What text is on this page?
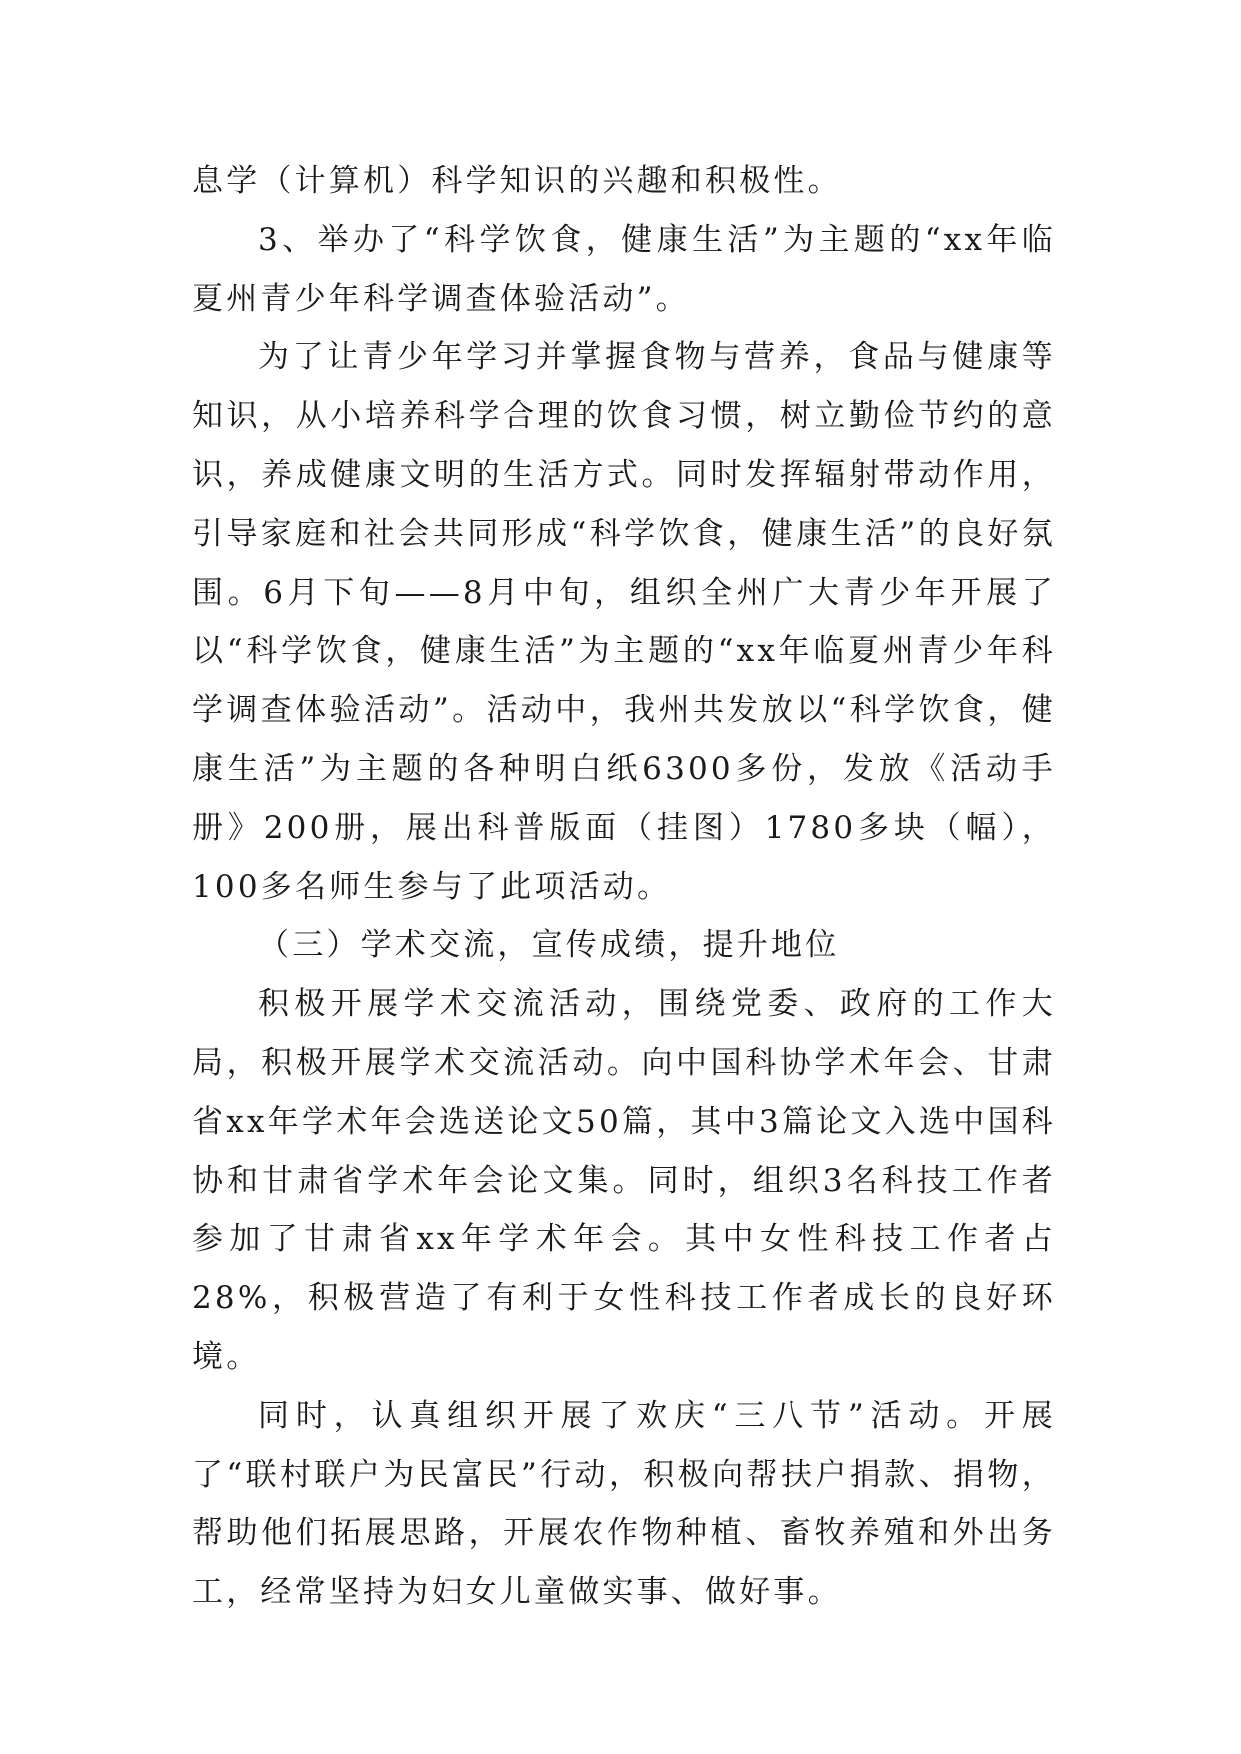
息学（计算机）科学知识的兴趣和积极性。

3、举办了“科学饮食，健康生活”为主题的“xx年临夏州青少年科学调查体验活动”。

为了让青少年学习并掌握食物与营养，食品与健康等知识，从小培养科学合理的饮食习惯，树立勤俭节约的意识，养成健康文明的生活方式。同时发挥辐射带动作用，引导家庭和社会共同形成“科学饮食，健康生活”的良好氛围。6月下旬——8月中旬，组织全州广大青少年开展了以“科学饮食，健康生活”为主题的“xx年临夏州青少年科学调查体验活动”。活动中，我州共发放以“科学饮食，健康生活”为主题的各种明白纸6300多份，发放《活动手册》200册，展出科普版面（挂图）1780多块（幅），100多名师生参与了此项活动。

（三）学术交流，宣传成绩，提升地位

积极开展学术交流活动，围绕党委、政府的工作大局，积极开展学术交流活动。向中国科协学术年会、甘肃省xx年学术年会选送论文50篇，其中3篇论文入选中国科协和甘肃省学术年会论文集。同时，组织3名科技工作者参加了甘肃省xx年学术年会。其中女性科技工作者占28%，积极营造了有利于女性科技工作者成长的良好环境。

同时，认真组织开展了欢庆“三八节”活动。开展了“联村联户为民富民”行动，积极向帮扶户捐款、捐物，帮助他们拓展思路，开展农作物种植、畜牧养殖和外出务工，经常坚持为妇女儿童做实事、做好事。
